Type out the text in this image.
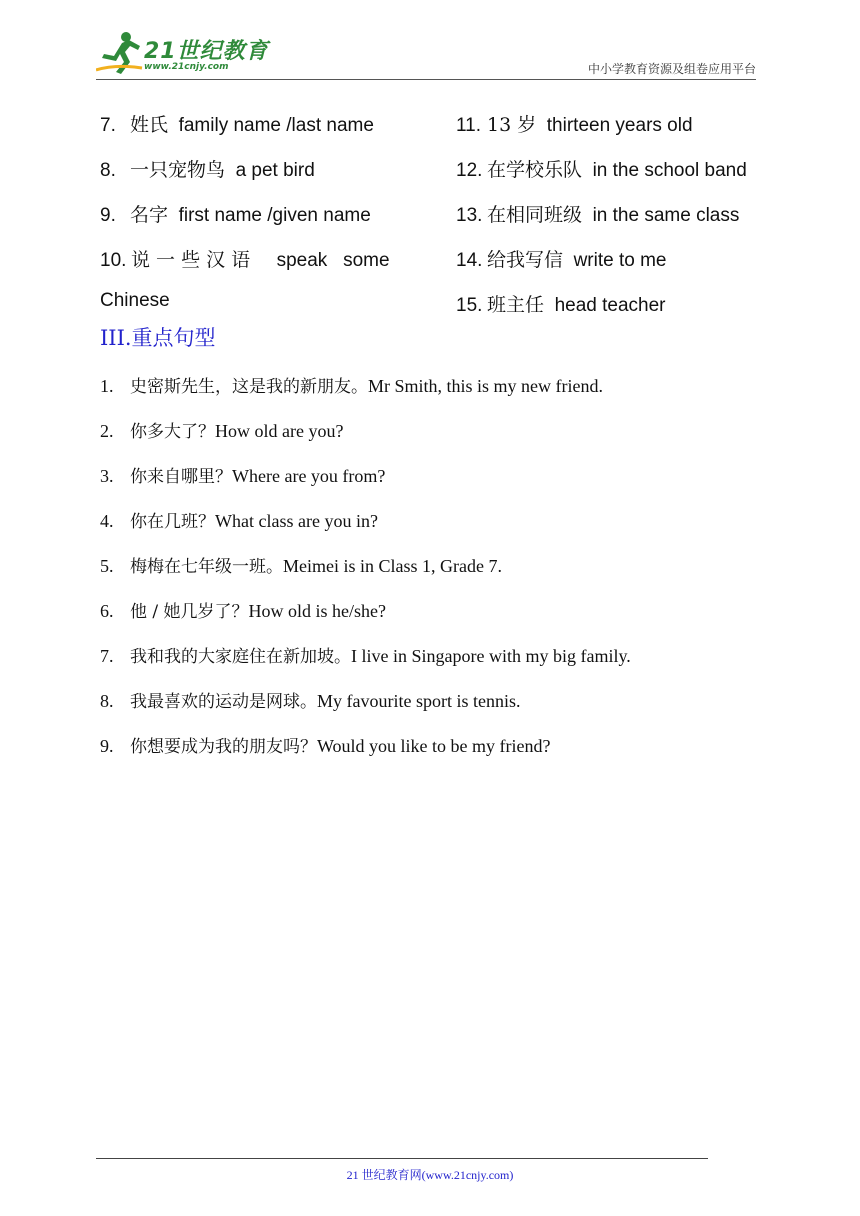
21世纪教育
www.21cnjy.com	中小学教育资源及组卷应用平台
7. 姓氏 family name /last name
8. 一只宠物鸟 a pet bird
9. 名字 first name /given name
10. 说 一 些 汉 语 speak   some
Chinese
11. 13 岁 thirteen years old
12. 在学校乐队 in the school band
13. 在相同班级 in the same class
14. 给我写信 write to me
15. 班主任 head teacher
III.重点句型
1. 史密斯先生，这是我的新朋友。Mr Smith, this is my new friend.
2. 你多大了？How old are you?
3. 你来自哪里？Where are you from?
4. 你在几班？What class are you in?
5. 梅梅在七年级一班。Meimei is in Class 1, Grade 7.
6. 他 / 她几岁了？How old is he/she?
7. 我和我的大家庭住在新加坡。I live in Singapore with my big family.
8. 我最喜欢的运动是网球。My favourite sport is tennis.
9. 你想要成为我的朋友吗？Would you like to be my friend?
21 世纪教育网(www.21cnjy.com)
